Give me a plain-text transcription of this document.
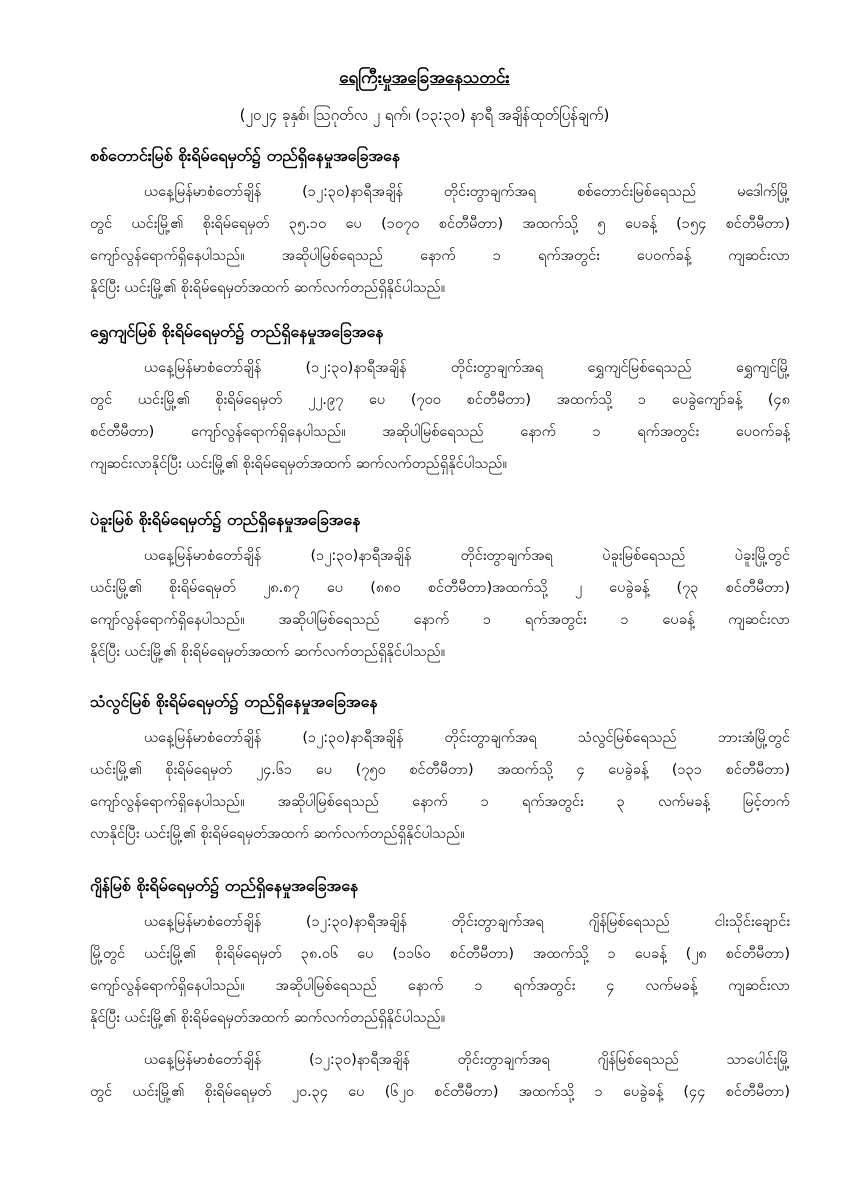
ရေကြီးမှုအခြေအနေသတင်း
(၂၀၂၄ ခုနှစ်၊ ဩဂုတ်လ ၂ ရက်၊ (၁၃:၃၀) နာရီ အချိန်ထုတ်ပြန်ချက်)
စစ်တောင်းမြစ် စိုးရိမ်ရေမှတ်၌ တည်ရှိနေမှုအခြေအနေ
ယနေ့မြန်မာစံတော်ချိန် (၁၂:၃၀)နာရီအချိန် တိုင်းတွာချက်အရ စစ်တောင်းမြစ်ရေသည် မဒေါက်မြို့
တွင် ယင်းမြို့၏ စိုးရိမ်ရေမှတ် ၃၅.၁၀ ပေ (၁၀၇၀ စင်တီမီတာ) အထက်သို့ ၅ ပေခန့် (၁၅၄ စင်တီမီတာ)
ကျော်လွန်ရောက်ရှိနေပါသည်။ အဆိုပါမြစ်ရေသည် နောက် ၁ ရက်အတွင်း ပေ၀က်ခန့် ကျဆင်းလာ
နိုင်ပြီး ယင်းမြို့၏ စိုးရိမ်ရေမှတ်အထက် ဆက်လက်တည်ရှိနိုင်ပါသည်။
ရွှေကျင်မြစ် စိုးရိမ်ရေမှတ်၌ တည်ရှိနေမှုအခြေအနေ
ယနေ့မြန်မာစံတော်ချိန် (၁၂:၃၀)နာရီအချိန် တိုင်းတွာချက်အရ ရွှေကျင်မြစ်ရေသည် ရွှေကျင်မြို့
တွင် ယင်းမြို့၏ စိုးရိမ်ရေမှတ် ၂၂.၉၇ ပေ (၇၀၀ စင်တီမီတာ) အထက်သို့ ၁ ပေခွဲကျော်ခန့် (၄၈
စင်တီမီတာ) ကျော်လွန်ရောက်ရှိနေပါသည်။ အဆိုပါမြစ်ရေသည် နောက် ၁ ရက်အတွင်း ပေ၀က်ခန့်
ကျဆင်းလာနိုင်ပြီး ယင်းမြို့၏ စိုးရိမ်ရေမှတ်အထက် ဆက်လက်တည်ရှိနိုင်ပါသည်။
ပဲခူးမြစ် စိုးရိမ်ရေမှတ်၌ တည်ရှိနေမှုအခြေအနေ
ယနေ့မြန်မာစံတော်ချိန် (၁၂:၃၀)နာရီအချိန် တိုင်းတွာချက်အရ ပဲခူးမြစ်ရေသည် ပဲခူးမြို့တွင်
ယင်းမြို့၏ စိုးရိမ်ရေမှတ် ၂၈.၈၇ ပေ (၈၈၀ စင်တီမီတာ)အထက်သို့ ၂ ပေခွဲခန့် (၇၃ စင်တီမီတာ)
ကျော်လွန်ရောက်ရှိနေပါသည်။ အဆိုပါမြစ်ရေသည် နောက် ၁ ရက်အတွင်း ၁ ပေခန့် ကျဆင်းလာ
နိုင်ပြီး ယင်းမြို့၏ စိုးရိမ်ရေမှတ်အထက် ဆက်လက်တည်ရှိနိုင်ပါသည်။
သံလွင်မြစ် စိုးရိမ်ရေမှတ်၌ တည်ရှိနေမှုအခြေအနေ
ယနေ့မြန်မာစံတော်ချိန် (၁၂:၃၀)နာရီအချိန် တိုင်းတွာချက်အရ သံလွင်မြစ်ရေသည် ဘားအံမြို့တွင်
ယင်းမြို့၏ စိုးရိမ်ရေမှတ် ၂၄.၆၁ ပေ (၇၅၀ စင်တီမီတာ) အထက်သို့ ၄ ပေခွဲခန့် (၁၃၁ စင်တီမီတာ)
ကျော်လွန်ရောက်ရှိနေပါသည်။ အဆိုပါမြစ်ရေသည် နောက် ၁ ရက်အတွင်း ၃ လက်မခန့် မြင့်တက်
လာနိုင်ပြီး ယင်းမြို့၏ စိုးရိမ်ရေမှတ်အထက် ဆက်လက်တည်ရှိနိုင်ပါသည်။
ဂျိန်မြစ် စိုးရိမ်ရေမှတ်၌ တည်ရှိနေမှုအခြေအနေ
ယနေ့မြန်မာစံတော်ချိန် (၁၂:၃၀)နာရီအချိန် တိုင်းတွာချက်အရ ဂျိန်မြစ်ရေသည် ငါးသိုင်းချောင်း
မြို့တွင် ယင်းမြို့၏ စိုးရိမ်ရေမှတ် ၃၈.၀၆ ပေ (၁၁၆၀ စင်တီမီတာ) အထက်သို့ ၁ ပေခန့် (၂၈ စင်တီမီတာ)
ကျော်လွန်ရောက်ရှိနေပါသည်။ အဆိုပါမြစ်ရေသည် နောက် ၁ ရက်အတွင်း ၄ လက်မခန့် ကျဆင်းလာ
နိုင်ပြီး ယင်းမြို့၏ စိုးရိမ်ရေမှတ်အထက် ဆက်လက်တည်ရှိနိုင်ပါသည်။
ယနေ့မြန်မာစံတော်ချိန် (၁၂:၃၀)နာရီအချိန် တိုင်းတွာချက်အရ ဂျိန်မြစ်ရေသည် သာပေါင်းမြို့
တွင် ယင်းမြို့၏ စိုးရိမ်ရေမှတ် ၂၀.၃၄ ပေ (၆၂၀ စင်တီမီတာ) အထက်သို့ ၁ ပေခွဲခန့် (၄၄ စင်တီမီတာ)
